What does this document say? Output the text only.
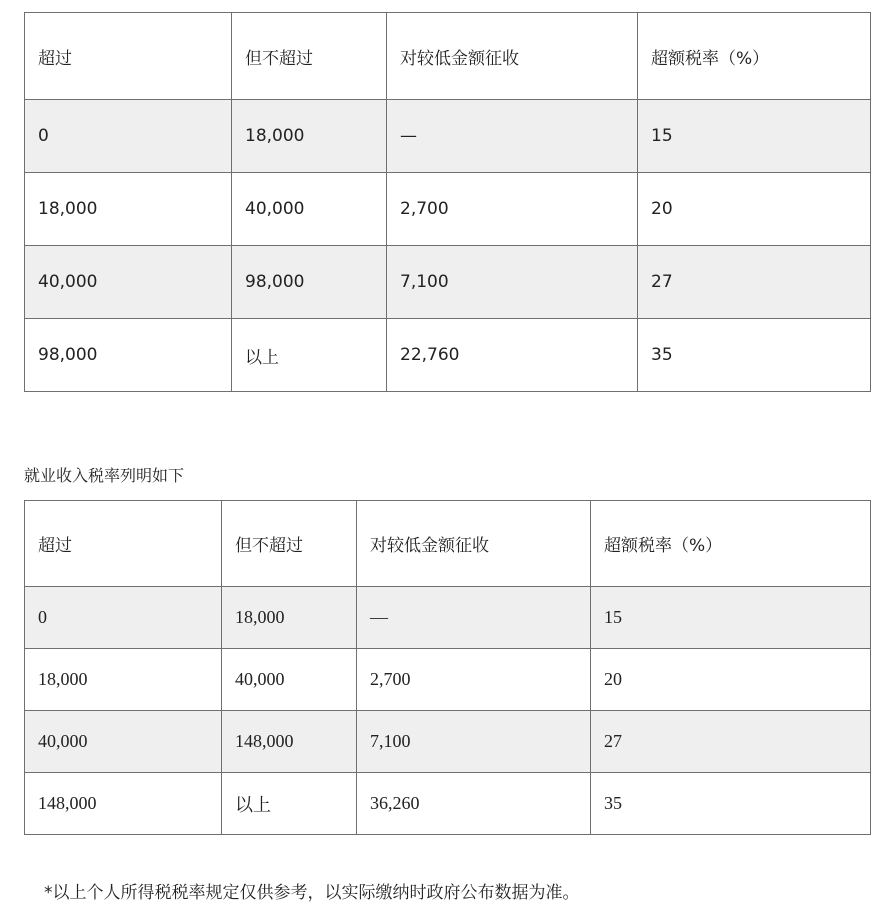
超过	但不超过	对较低金额征收	超额税率（%）
0	18,000	—	15
18,000	40,000	2,700	20
40,000	98,000	7,100	27
98,000	以上	22,760	35

就业收入税率列明如下

超过	但不超过	对较低金额征收	超额税率（%）
0	18,000	—	15
18,000	40,000	2,700	20
40,000	148,000	7,100	27
148,000	以上	36,260	35

*以上个人所得税税率规定仅供参考，以实际缴纳时政府公布数据为准。
